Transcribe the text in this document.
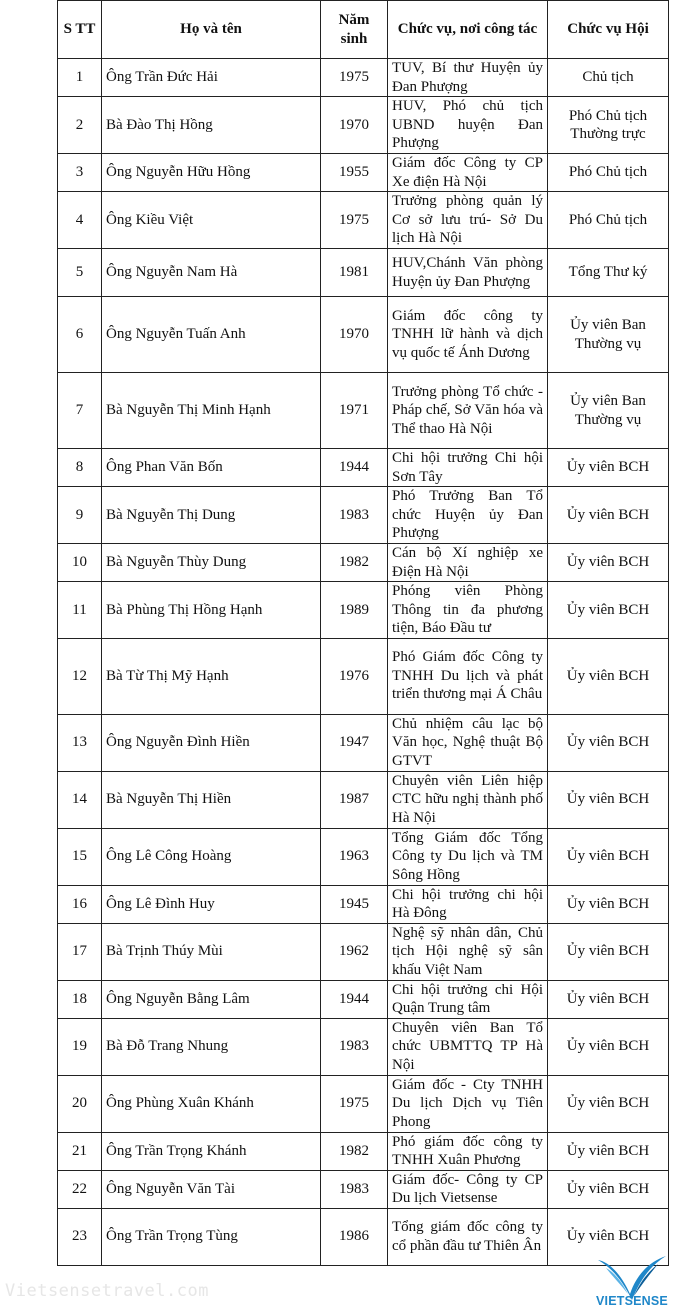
S TT	Họ và tên	Năm sinh	Chức vụ, nơi công tác	Chức vụ Hội
1	Ông Trần Đức Hải	1975	TUV, Bí thư Huyện ủy Đan Phượng	Chủ tịch
2	Bà Đào Thị Hồng	1970	HUV, Phó chủ tịch UBND huyện Đan Phượng	Phó Chủ tịch Thường trực
3	Ông Nguyễn Hữu Hồng	1955	Giám đốc Công ty CP Xe điện Hà Nội	Phó Chủ tịch
4	Ông Kiều Việt	1975	Trưởng phòng quản lý Cơ sở lưu trú- Sở Du lịch Hà Nội	Phó Chủ tịch
5	Ông Nguyễn Nam Hà	1981	HUV,Chánh Văn phòng Huyện ủy Đan Phượng	Tổng Thư ký
6	Ông Nguyễn Tuấn Anh	1970	Giám đốc công ty TNHH lữ hành và dịch vụ quốc tế Ánh Dương	Ủy viên Ban Thường vụ
7	Bà Nguyễn Thị Minh Hạnh	1971	Trưởng phòng Tổ chức - Pháp chế, Sở Văn hóa và Thể thao Hà Nội	Ủy viên Ban Thường vụ
8	Ông Phan Văn Bốn	1944	Chi hội trưởng Chi hội Sơn Tây	Ủy viên BCH
9	Bà Nguyễn Thị Dung	1983	Phó Trưởng Ban Tổ chức Huyện ủy Đan Phượng	Ủy viên BCH
10	Bà Nguyễn Thùy Dung	1982	Cán bộ Xí nghiệp xe Điện Hà Nội	Ủy viên BCH
11	Bà Phùng Thị Hồng Hạnh	1989	Phóng viên Phòng Thông tin đa phương tiện, Báo Đầu tư	Ủy viên BCH
12	Bà Từ Thị Mỹ Hạnh	1976	Phó Giám đốc Công ty TNHH Du lịch và phát triển thương mại Á Châu	Ủy viên BCH
13	Ông Nguyễn Đình Hiền	1947	Chủ nhiệm câu lạc bộ Văn học, Nghệ thuật Bộ GTVT	Ủy viên BCH
14	Bà Nguyễn Thị Hiền	1987	Chuyên viên Liên hiệp CTC hữu nghị thành phố Hà Nội	Ủy viên BCH
15	Ông Lê Công Hoàng	1963	Tổng Giám đốc Tổng Công ty Du lịch và TM Sông Hồng	Ủy viên BCH
16	Ông Lê Đình Huy	1945	Chi hội trưởng chi hội Hà Đông	Ủy viên BCH
17	Bà Trịnh Thúy Mùi	1962	Nghệ sỹ nhân dân, Chủ tịch Hội nghệ sỹ sân khấu Việt Nam	Ủy viên BCH
18	Ông Nguyễn Bằng Lâm	1944	Chi hội trưởng chi Hội Quận Trung tâm	Ủy viên BCH
19	Bà Đỗ Trang Nhung	1983	Chuyên viên Ban Tổ chức UBMTTQ TP Hà Nội	Ủy viên BCH
20	Ông Phùng Xuân Khánh	1975	Giám đốc - Cty TNHH Du lịch Dịch vụ Tiên Phong	Ủy viên BCH
21	Ông Trần Trọng Khánh	1982	Phó giám đốc công ty TNHH Xuân Phương	Ủy viên BCH
22	Ông Nguyễn Văn Tài	1983	Giám đốc- Công ty CP Du lịch Vietsense	Ủy viên BCH
23	Ông Trần Trọng Tùng	1986	Tổng giám đốc công ty cổ phần đầu tư Thiên Ân	Ủy viên BCH
Vietsensetravel.com	VIETSENSE
